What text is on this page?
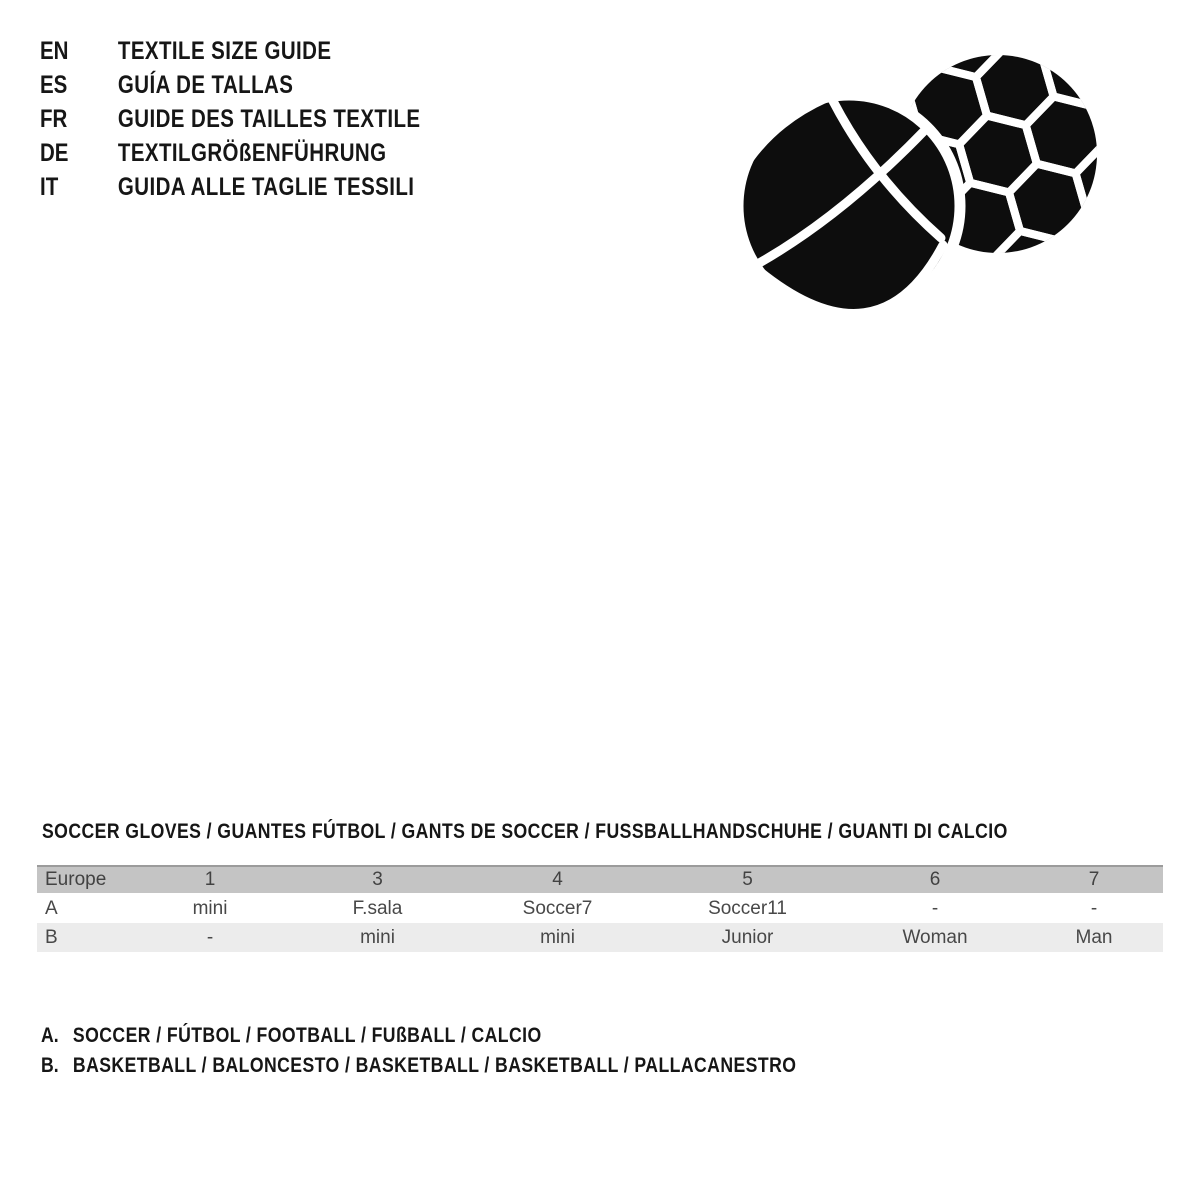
EN	TEXTILE SIZE GUIDE
ES	GUÍA DE TALLAS
FR	GUIDE DES TAILLES TEXTILE
DE	TEXTILGRÖßENFÜHRUNG
IT	GUIDA ALLE TAGLIE TESSILI
SOCCER GLOVES / GUANTES FÚTBOL / GANTS DE SOCCER / FUSSBALLHANDSCHUHE / GUANTI DI CALCIO
Europe	1	3	4	5	6	7
A	mini	F.sala	Soccer7	Soccer11	-	-
B	-	mini	mini	Junior	Woman	Man
A. SOCCER / FÚTBOL / FOOTBALL / FUßBALL / CALCIO
B. BASKETBALL / BALONCESTO / BASKETBALL / BASKETBALL / PALLACANESTRO
